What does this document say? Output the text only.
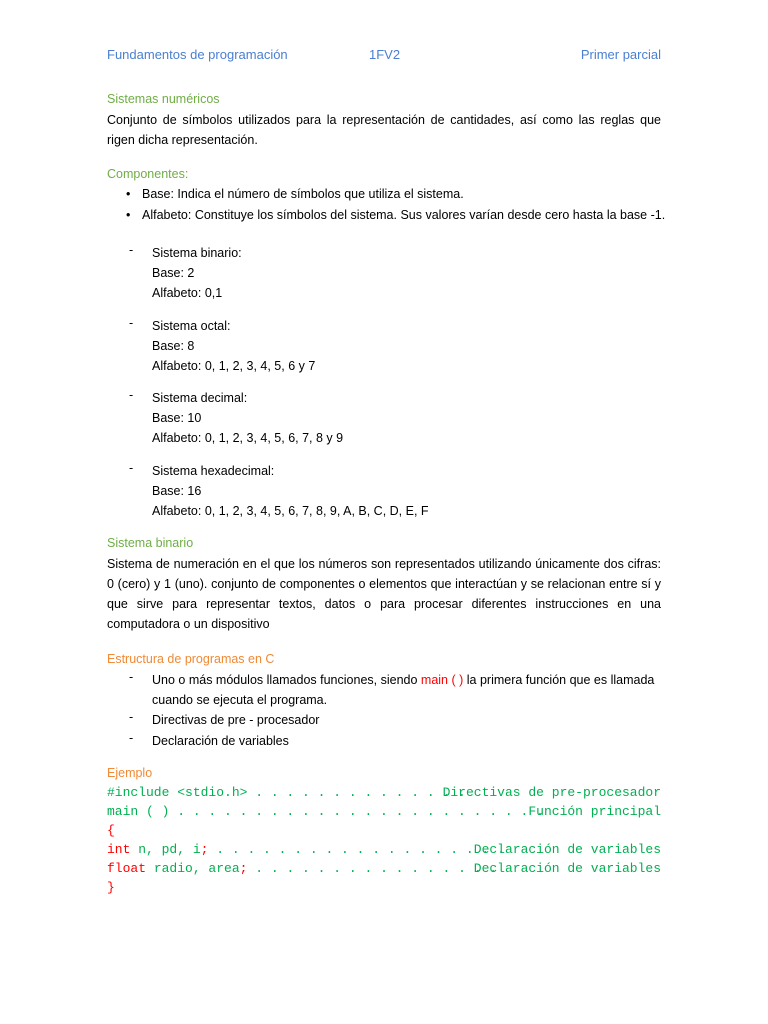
Fundamentos de programación	1FV2	Primer parcial
Sistemas numéricos
Conjunto de símbolos utilizados para la representación de cantidades, así como las reglas que rigen dicha representación.
Componentes:
• Base: Indica el número de símbolos que utiliza el sistema.
• Alfabeto: Constituye los símbolos del sistema. Sus valores varían desde cero hasta la base -1.
- Sistema binario:
Base: 2
Alfabeto: 0,1
- Sistema octal:
Base: 8
Alfabeto: 0, 1, 2, 3, 4, 5, 6 y 7
- Sistema decimal:
Base: 10
Alfabeto: 0, 1, 2, 3, 4, 5, 6, 7, 8 y 9
- Sistema hexadecimal:
Base: 16
Alfabeto: 0, 1, 2, 3, 4, 5, 6, 7, 8, 9, A, B, C, D, E, F
Sistema binario
Sistema de numeración en el que los números son representados utilizando únicamente dos cifras: 0 (cero) y 1 (uno). conjunto de componentes o elementos que interactúan y se relacionan entre sí y que sirve para representar textos, datos o para procesar diferentes instrucciones en una computadora o un dispositivo
Estructura de programas en C
- Uno o más módulos llamados funciones, siendo main ( ) la primera función que es llamada cuando se ejecuta el programa.
- Directivas de pre - procesador
- Declaración de variables
Ejemplo
#include <stdio.h> . . . . . . . . . . . . . .
Directivas de pre-procesador
main ( ) . . . . . . . . . . . . . . . . . . . . . . . .
Función principal
{
int n, pd, i; . . . . . . . . . . . . . . . . . . .
Declaración de variables
float radio, area; . . . . . . . . . . . . . . . .
Declaración de variables
}
